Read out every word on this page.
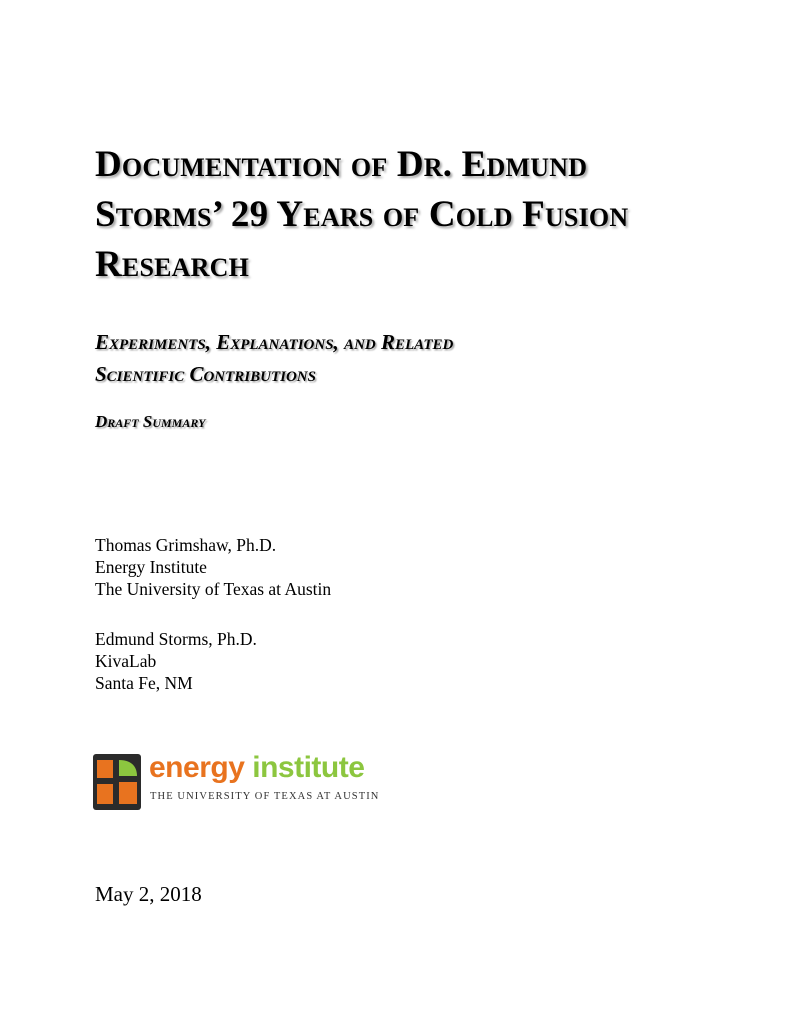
Documentation of Dr. Edmund
Storms’ 29 Years of Cold Fusion
Research
Experiments, Explanations, and Related
Scientific Contributions
Draft Summary
Thomas Grimshaw, Ph.D.
Energy Institute
The University of Texas at Austin
Edmund Storms, Ph.D.
KivaLab
Santa Fe, NM
energy institute
THE UNIVERSITY OF TEXAS AT AUSTIN
May 2, 2018
